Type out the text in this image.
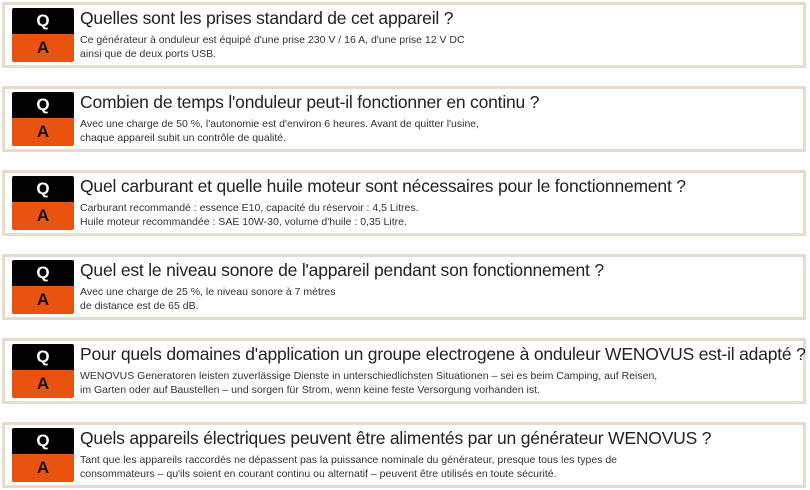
Q
A
Quelles sont les prises standard de cet appareil ?
Ce générateur à onduleur est équipé d'une prise 230 V / 16 A, d'une prise 12 V DC
ainsi que de deux ports USB.
Q
A
Combien de temps l'onduleur peut-il fonctionner en continu ?
Avec une charge de 50 %, l'autonomie est d'environ 6 heures. Avant de quitter l'usine,
chaque appareil subit un contrôle de qualité.
Q
A
Quel carburant et quelle huile moteur sont nécessaires pour le fonctionnement ?
Carburant recommandé : essence E10, capacité du réservoir : 4,5 Litres.
Huile moteur recommandée : SAE 10W-30, volume d'huile : 0,35 Litre.
Q
A
Quel est le niveau sonore de l'appareil pendant son fonctionnement ?
Avec une charge de 25 %, le niveau sonore à 7 mètres
de distance est de 65 dB.
Q
A
Pour quels domaines d'application un groupe electrogene à onduleur WENOVUS est-il adapté ?
WENOVUS Generatoren leisten zuverlässige Dienste in unterschiedlichsten Situationen – sei es beim Camping, auf Reisen,
im Garten oder auf Baustellen – und sorgen für Strom, wenn keine feste Versorgung vorhanden ist.
Q
A
Quels appareils électriques peuvent être alimentés par un générateur WENOVUS ?
Tant que les appareils raccordés ne dépassent pas la puissance nominale du générateur, presque tous les types de
consommateurs – qu'ils soient en courant continu ou alternatif – peuvent être utilisés en toute sécurité.
